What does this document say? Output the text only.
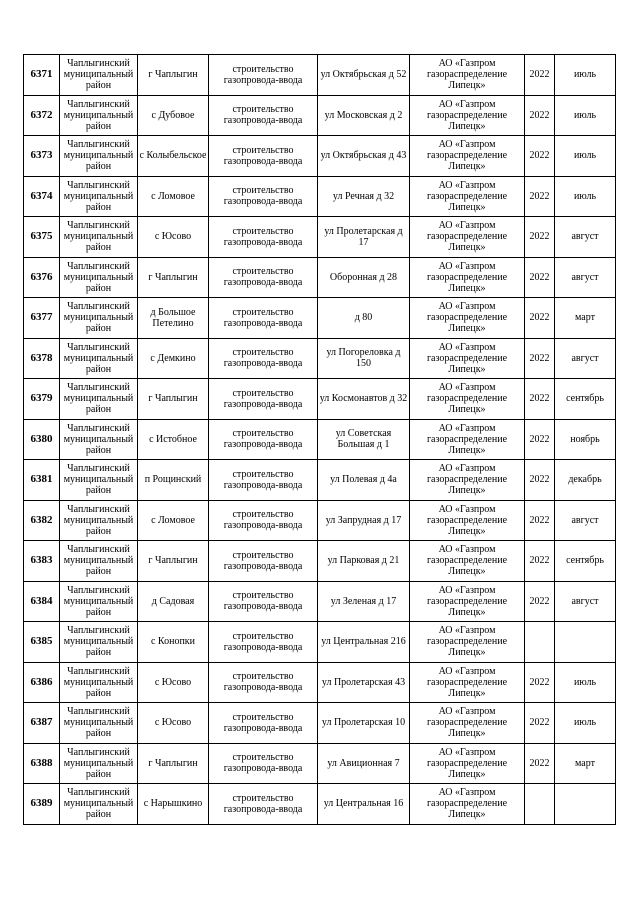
6371	Чаплыгинский муниципальный район	г Чаплыгин	строительство газопровода-ввода	ул Октябрьская д 52	АО «Газпром газораспределение Липецк»	2022	июль
6372	Чаплыгинский муниципальный район	с Дубовое	строительство газопровода-ввода	ул Московская д 2	АО «Газпром газораспределение Липецк»	2022	июль
6373	Чаплыгинский муниципальный район	с Колыбельское	строительство газопровода-ввода	ул Октябрьская д 43	АО «Газпром газораспределение Липецк»	2022	июль
6374	Чаплыгинский муниципальный район	с Ломовое	строительство газопровода-ввода	ул Речная д 32	АО «Газпром газораспределение Липецк»	2022	июль
6375	Чаплыгинский муниципальный район	с Юсово	строительство газопровода-ввода	ул Пролетарская д 17	АО «Газпром газораспределение Липецк»	2022	август
6376	Чаплыгинский муниципальный район	г Чаплыгин	строительство газопровода-ввода	Оборонная д 28	АО «Газпром газораспределение Липецк»	2022	август
6377	Чаплыгинский муниципальный район	д Большое Петелино	строительство газопровода-ввода	д 80	АО «Газпром газораспределение Липецк»	2022	март
6378	Чаплыгинский муниципальный район	с Демкино	строительство газопровода-ввода	ул Погореловка д 150	АО «Газпром газораспределение Липецк»	2022	август
6379	Чаплыгинский муниципальный район	г Чаплыгин	строительство газопровода-ввода	ул Космонавтов д 32	АО «Газпром газораспределение Липецк»	2022	сентябрь
6380	Чаплыгинский муниципальный район	с Истобное	строительство газопровода-ввода	ул Советская Большая д 1	АО «Газпром газораспределение Липецк»	2022	ноябрь
6381	Чаплыгинский муниципальный район	п Рощинский	строительство газопровода-ввода	ул Полевая д 4а	АО «Газпром газораспределение Липецк»	2022	декабрь
6382	Чаплыгинский муниципальный район	с Ломовое	строительство газопровода-ввода	ул Запрудная д 17	АО «Газпром газораспределение Липецк»	2022	август
6383	Чаплыгинский муниципальный район	г Чаплыгин	строительство газопровода-ввода	ул Парковая д 21	АО «Газпром газораспределение Липецк»	2022	сентябрь
6384	Чаплыгинский муниципальный район	д Садовая	строительство газопровода-ввода	ул Зеленая д 17	АО «Газпром газораспределение Липецк»	2022	август
6385	Чаплыгинский муниципальный район	с Конопки	строительство газопровода-ввода	ул Центральная 216	АО «Газпром газораспределение Липецк»		
6386	Чаплыгинский муниципальный район	с Юсово	строительство газопровода-ввода	ул Пролетарская 43	АО «Газпром газораспределение Липецк»	2022	июль
6387	Чаплыгинский муниципальный район	с Юсово	строительство газопровода-ввода	ул Пролетарская 10	АО «Газпром газораспределение Липецк»	2022	июль
6388	Чаплыгинский муниципальный район	г Чаплыгин	строительство газопровода-ввода	ул Авиционная 7	АО «Газпром газораспределение Липецк»	2022	март
6389	Чаплыгинский муниципальный район	с Нарышкино	строительство газопровода-ввода	ул Центральная 16	АО «Газпром газораспределение Липецк»		
